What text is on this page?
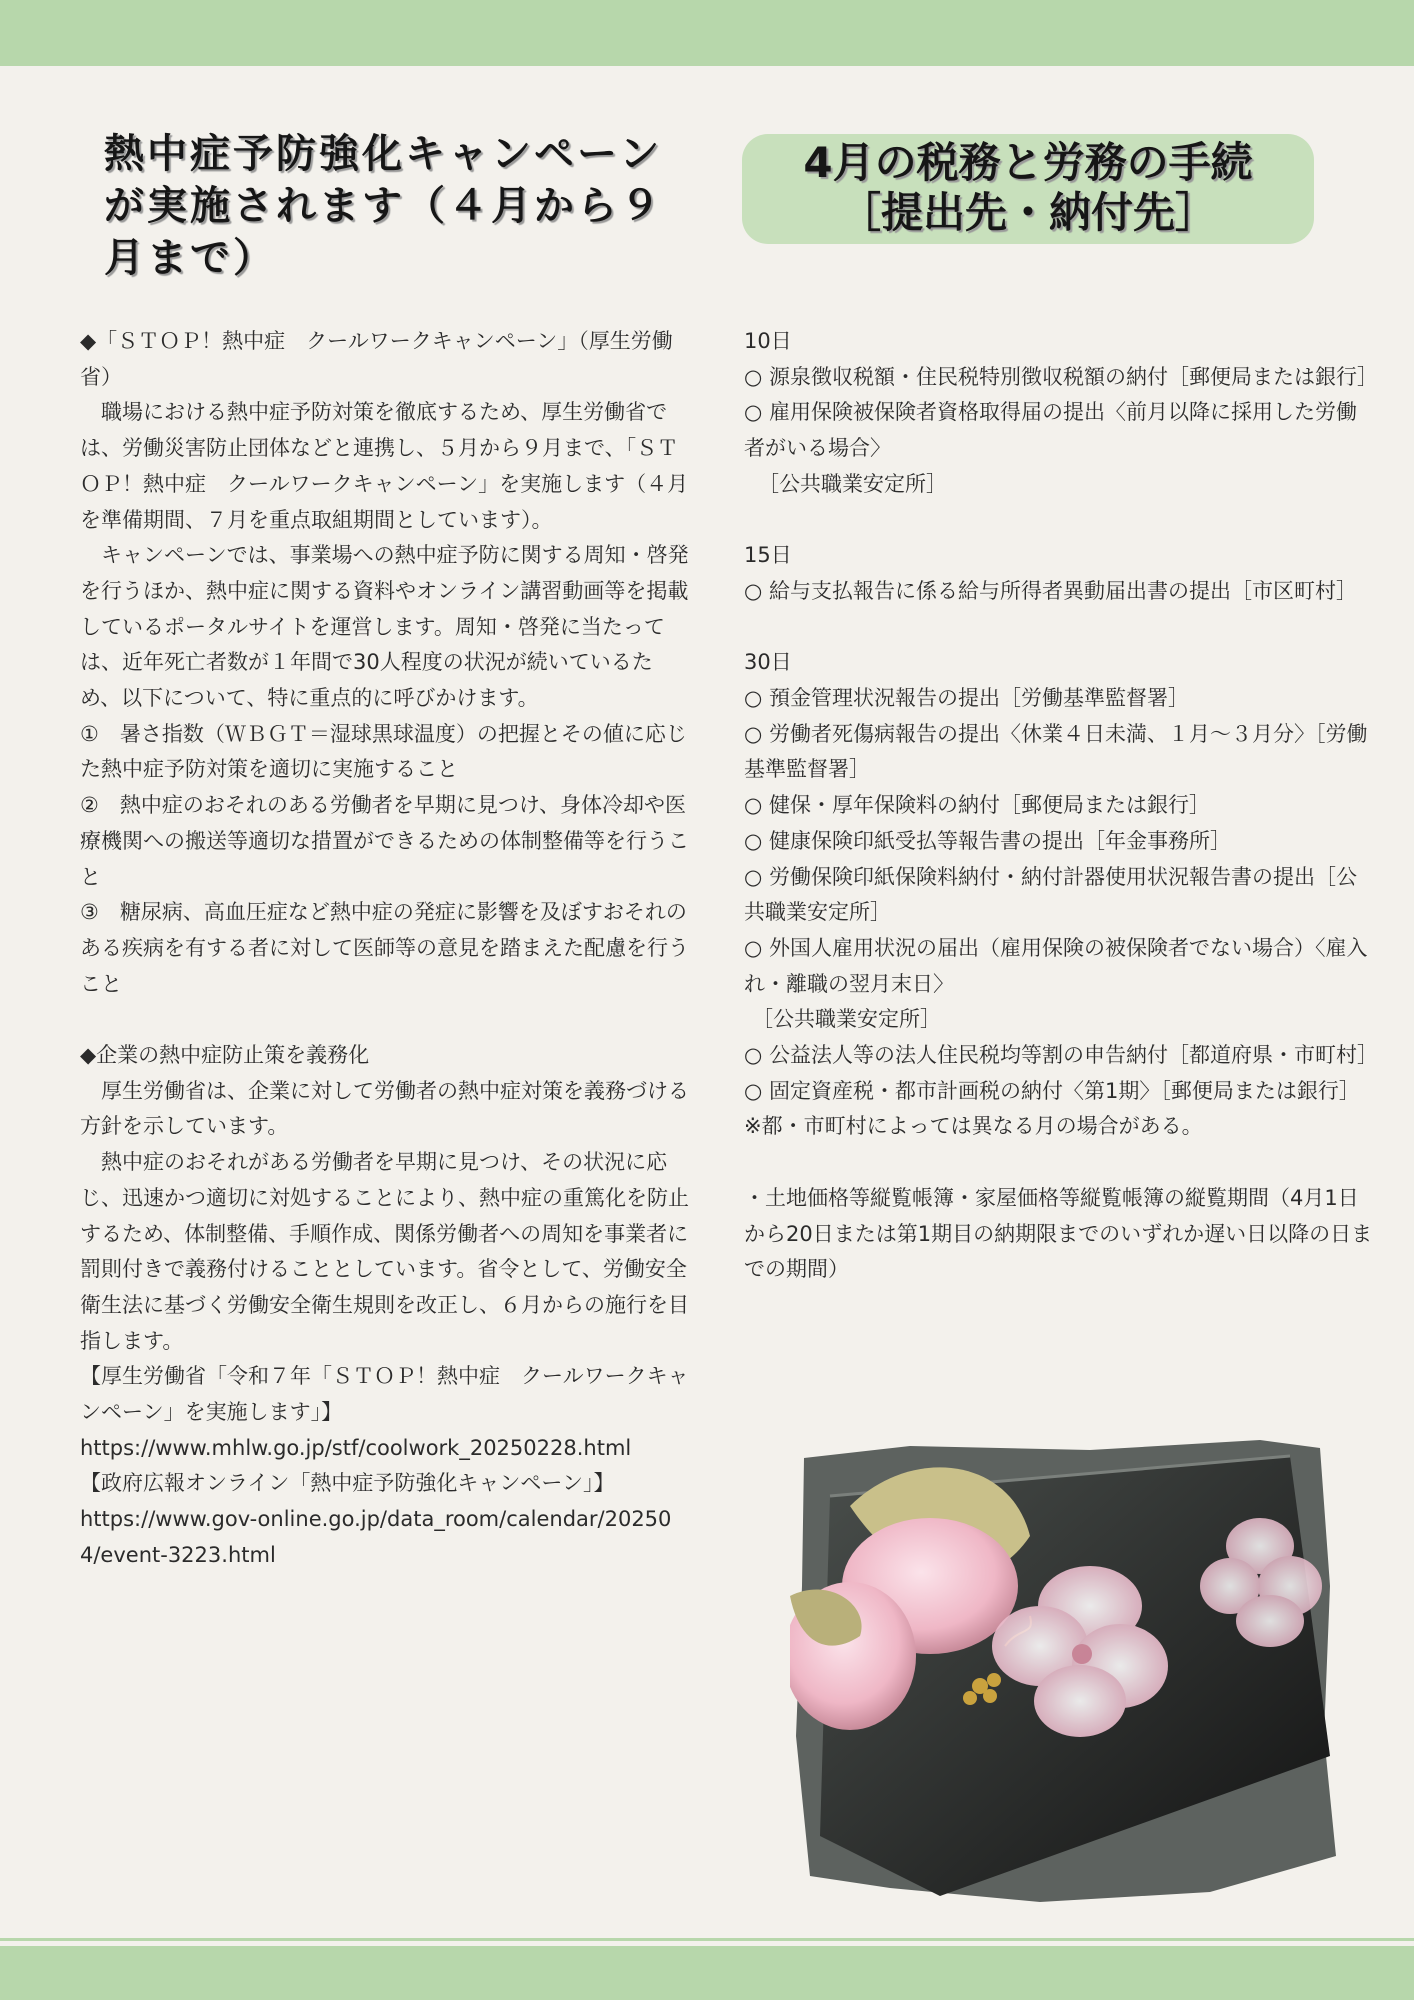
熱中症予防強化キャンペーンが実施されます（４月から９月まで）
4月の税務と労務の手続
［提出先・納付先］

◆「ＳＴＯＰ！熱中症　クールワークキャンペーン」（厚生労働省）

　職場における熱中症予防対策を徹底するため、厚生労働省では、労働災害防止団体などと連携し、５月から９月まで、「ＳＴＯＰ！熱中症　クールワークキャンペーン」を実施します（４月を準備期間、７月を重点取組期間としています）。

　キャンペーンでは、事業場への熱中症予防に関する周知・啓発を行うほか、熱中症に関する資料やオンライン講習動画等を掲載しているポータルサイトを運営します。周知・啓発に当たっては、近年死亡者数が１年間で30人程度の状況が続いているため、以下について、特に重点的に呼びかけます。

①　暑さ指数（ＷＢＧＴ＝湿球黒球温度）の把握とその値に応じた熱中症予防対策を適切に実施すること

②　熱中症のおそれのある労働者を早期に見つけ、身体冷却や医療機関への搬送等適切な措置ができるための体制整備等を行うこと

③　糖尿病、高血圧症など熱中症の発症に影響を及ぼすおそれのある疾病を有する者に対して医師等の意見を踏まえた配慮を行うこと

◆企業の熱中症防止策を義務化

　厚生労働省は、企業に対して労働者の熱中症対策を義務づける方針を示しています。

　熱中症のおそれがある労働者を早期に見つけ、その状況に応じ、迅速かつ適切に対処することにより、熱中症の重篤化を防止するため、体制整備、手順作成、関係労働者への周知を事業者に罰則付きで義務付けることとしています。省令として、労働安全衛生法に基づく労働安全衛生規則を改正し、６月からの施行を目指します。

【厚生労働省「令和７年「ＳＴＯＰ！熱中症　クールワークキャンペーン」を実施します」】

https://www.mhlw.go.jp/stf/coolwork_20250228.html

【政府広報オンライン「熱中症予防強化キャンペーン」】

https://www.gov-online.go.jp/data_room/calendar/202504/event-3223.html

10日

○ 源泉徴収税額・住民税特別徴収税額の納付［郵便局または銀行］

○ 雇用保険被保険者資格取得届の提出〈前月以降に採用した労働者がいる場合〉

［公共職業安定所］

15日

○ 給与支払報告に係る給与所得者異動届出書の提出［市区町村］

30日

○ 預金管理状況報告の提出［労働基準監督署］

○ 労働者死傷病報告の提出〈休業４日未満、１月～３月分〉［労働基準監督署］

○ 健保・厚年保険料の納付［郵便局または銀行］

○ 健康保険印紙受払等報告書の提出［年金事務所］

○ 労働保険印紙保険料納付・納付計器使用状況報告書の提出［公共職業安定所］

○ 外国人雇用状況の届出（雇用保険の被保険者でない場合）〈雇入れ・離職の翌月末日〉

［公共職業安定所］

○ 公益法人等の法人住民税均等割の申告納付［都道府県・市町村］

○ 固定資産税・都市計画税の納付〈第1期〉［郵便局または銀行］

※都・市町村によっては異なる月の場合がある。

・土地価格等縦覧帳簿・家屋価格等縦覧帳簿の縦覧期間（4月1日から20日または第1期目の納期限までのいずれか遅い日以降の日までの期間）
